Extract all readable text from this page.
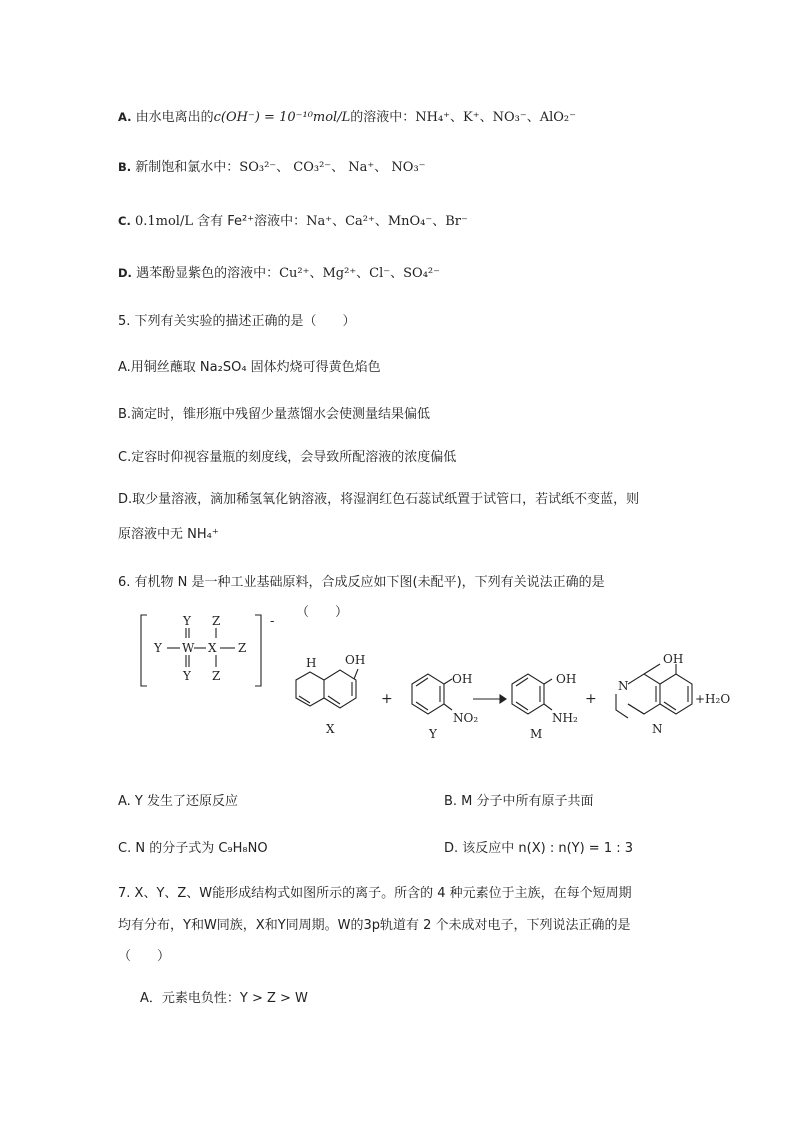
A. 由水电离出的c(OH⁻) = 10⁻¹⁰mol/L的溶液中：NH₄⁺、K⁺、NO₃⁻、AlO₂⁻
B. 新制饱和氯水中：SO₃²⁻、 CO₃²⁻、 Na⁺、 NO₃⁻
C. 0.1mol/L 含有 Fe²⁺溶液中：Na⁺、Ca²⁺、MnO₄⁻、Br⁻
D. 遇苯酚显紫色的溶液中：Cu²⁺、Mg²⁺、Cl⁻、SO₄²⁻
5. 下列有关实验的描述正确的是（　　）
A.用铜丝蘸取 Na₂SO₄ 固体灼烧可得黄色焰色
B.滴定时，锥形瓶中残留少量蒸馏水会使测量结果偏低
C.定容时仰视容量瓶的刻度线，会导致所配溶液的浓度偏低
D.取少量溶液，滴加稀氢氧化钠溶液，将湿润红色石蕊试纸置于试管口，若试纸不变蓝，则
原溶液中无 NH₄⁺
6. 有机物 N 是一种工业基础原料，合成反应如下图(未配平)，下列有关说法正确的是
（　　）
-
Y
Y W X
Y
Z
Z
Z
H OH
X
+
OH
NO₂
Y
OH
NH₂
M
+
N
OH
+H₂O
N
A. Y 发生了还原反应	B. M 分子中所有原子共面
C. N 的分子式为 C₉H₈NO	D. 该反应中 n(X) : n(Y) = 1 : 3
7. X、Y、Z、W能形成结构式如图所示的离子。所含的 4 种元素位于主族，在每个短周期
均有分布，Y和W同族，X和Y同周期。W的3p轨道有 2 个未成对电子，下列说法正确的是
（　　）
A．元素电负性：Y > Z > W
